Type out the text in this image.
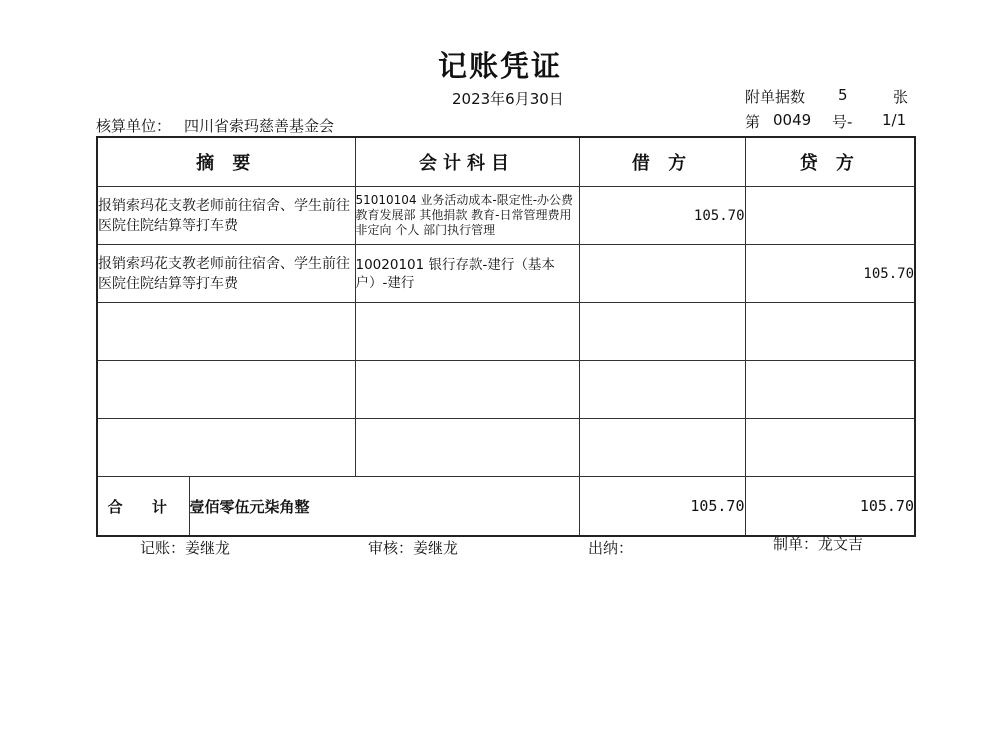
记账凭证
2023年6月30日	附单据数 5	张
核算单位： 四川省索玛慈善基金会	第 0049 号- 1/1
摘 要		会计科目	借 方	贷 方
报销索玛花支教老师前往宿舍、学生前往医院住院结算等打车费		51010104 业务活动成本-限定性-办公费 教育发展部 其他捐款 教育-日常管理费用 非定向 个人 部门执行管理	105.70	
报销索玛花支教老师前往宿舍、学生前往医院住院结算等打车费		10020101 银行存款-建行（基本户）-建行		105.70

合 计	壹佰零伍元柒角整		105.70	105.70
记账：姜继龙	审核：姜继龙	出纳：	制单：龙文吉
